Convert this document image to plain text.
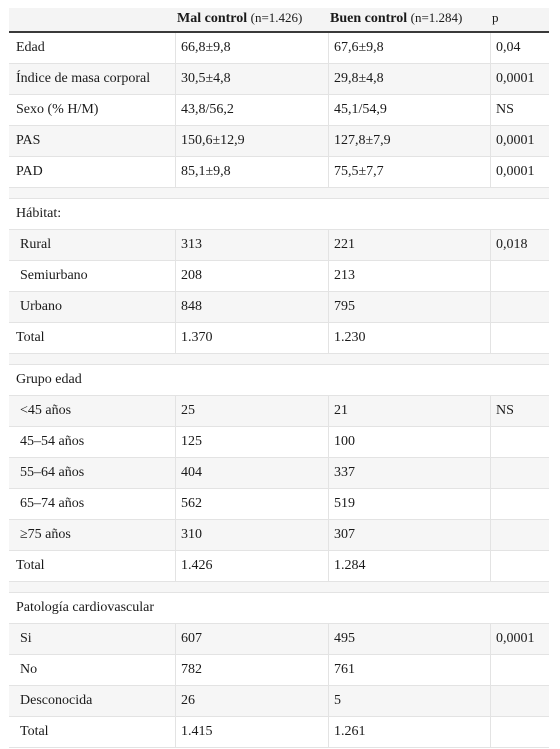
Mal control (n=1.426) Buen control (n=1.284) p
Edad	66,8±9,8	67,6±9,8	0,04
Índice de masa corporal 30,5±4,8	29,8±4,8	0,0001
Sexo (% H/M)	43,8/56,2	45,1/54,9	NS
PAS	150,6±12,9	127,8±7,9	0,0001
PAD	85,1±9,8	75,5±7,7	0,0001
Hábitat:
Rural	313	221	0,018
Semiurbano	208	213
Urbano	848	795
Total	1.370	1.230
Grupo edad
<45 años	25	21	NS
45–54 años	125	100
55–64 años	404	337
65–74 años	562	519
≥75 años	310	307
Total	1.426	1.284
Patología cardiovascular
Si	607	495	0,0001
No	782	761
Desconocida	26	5
Total	1.415	1.261
